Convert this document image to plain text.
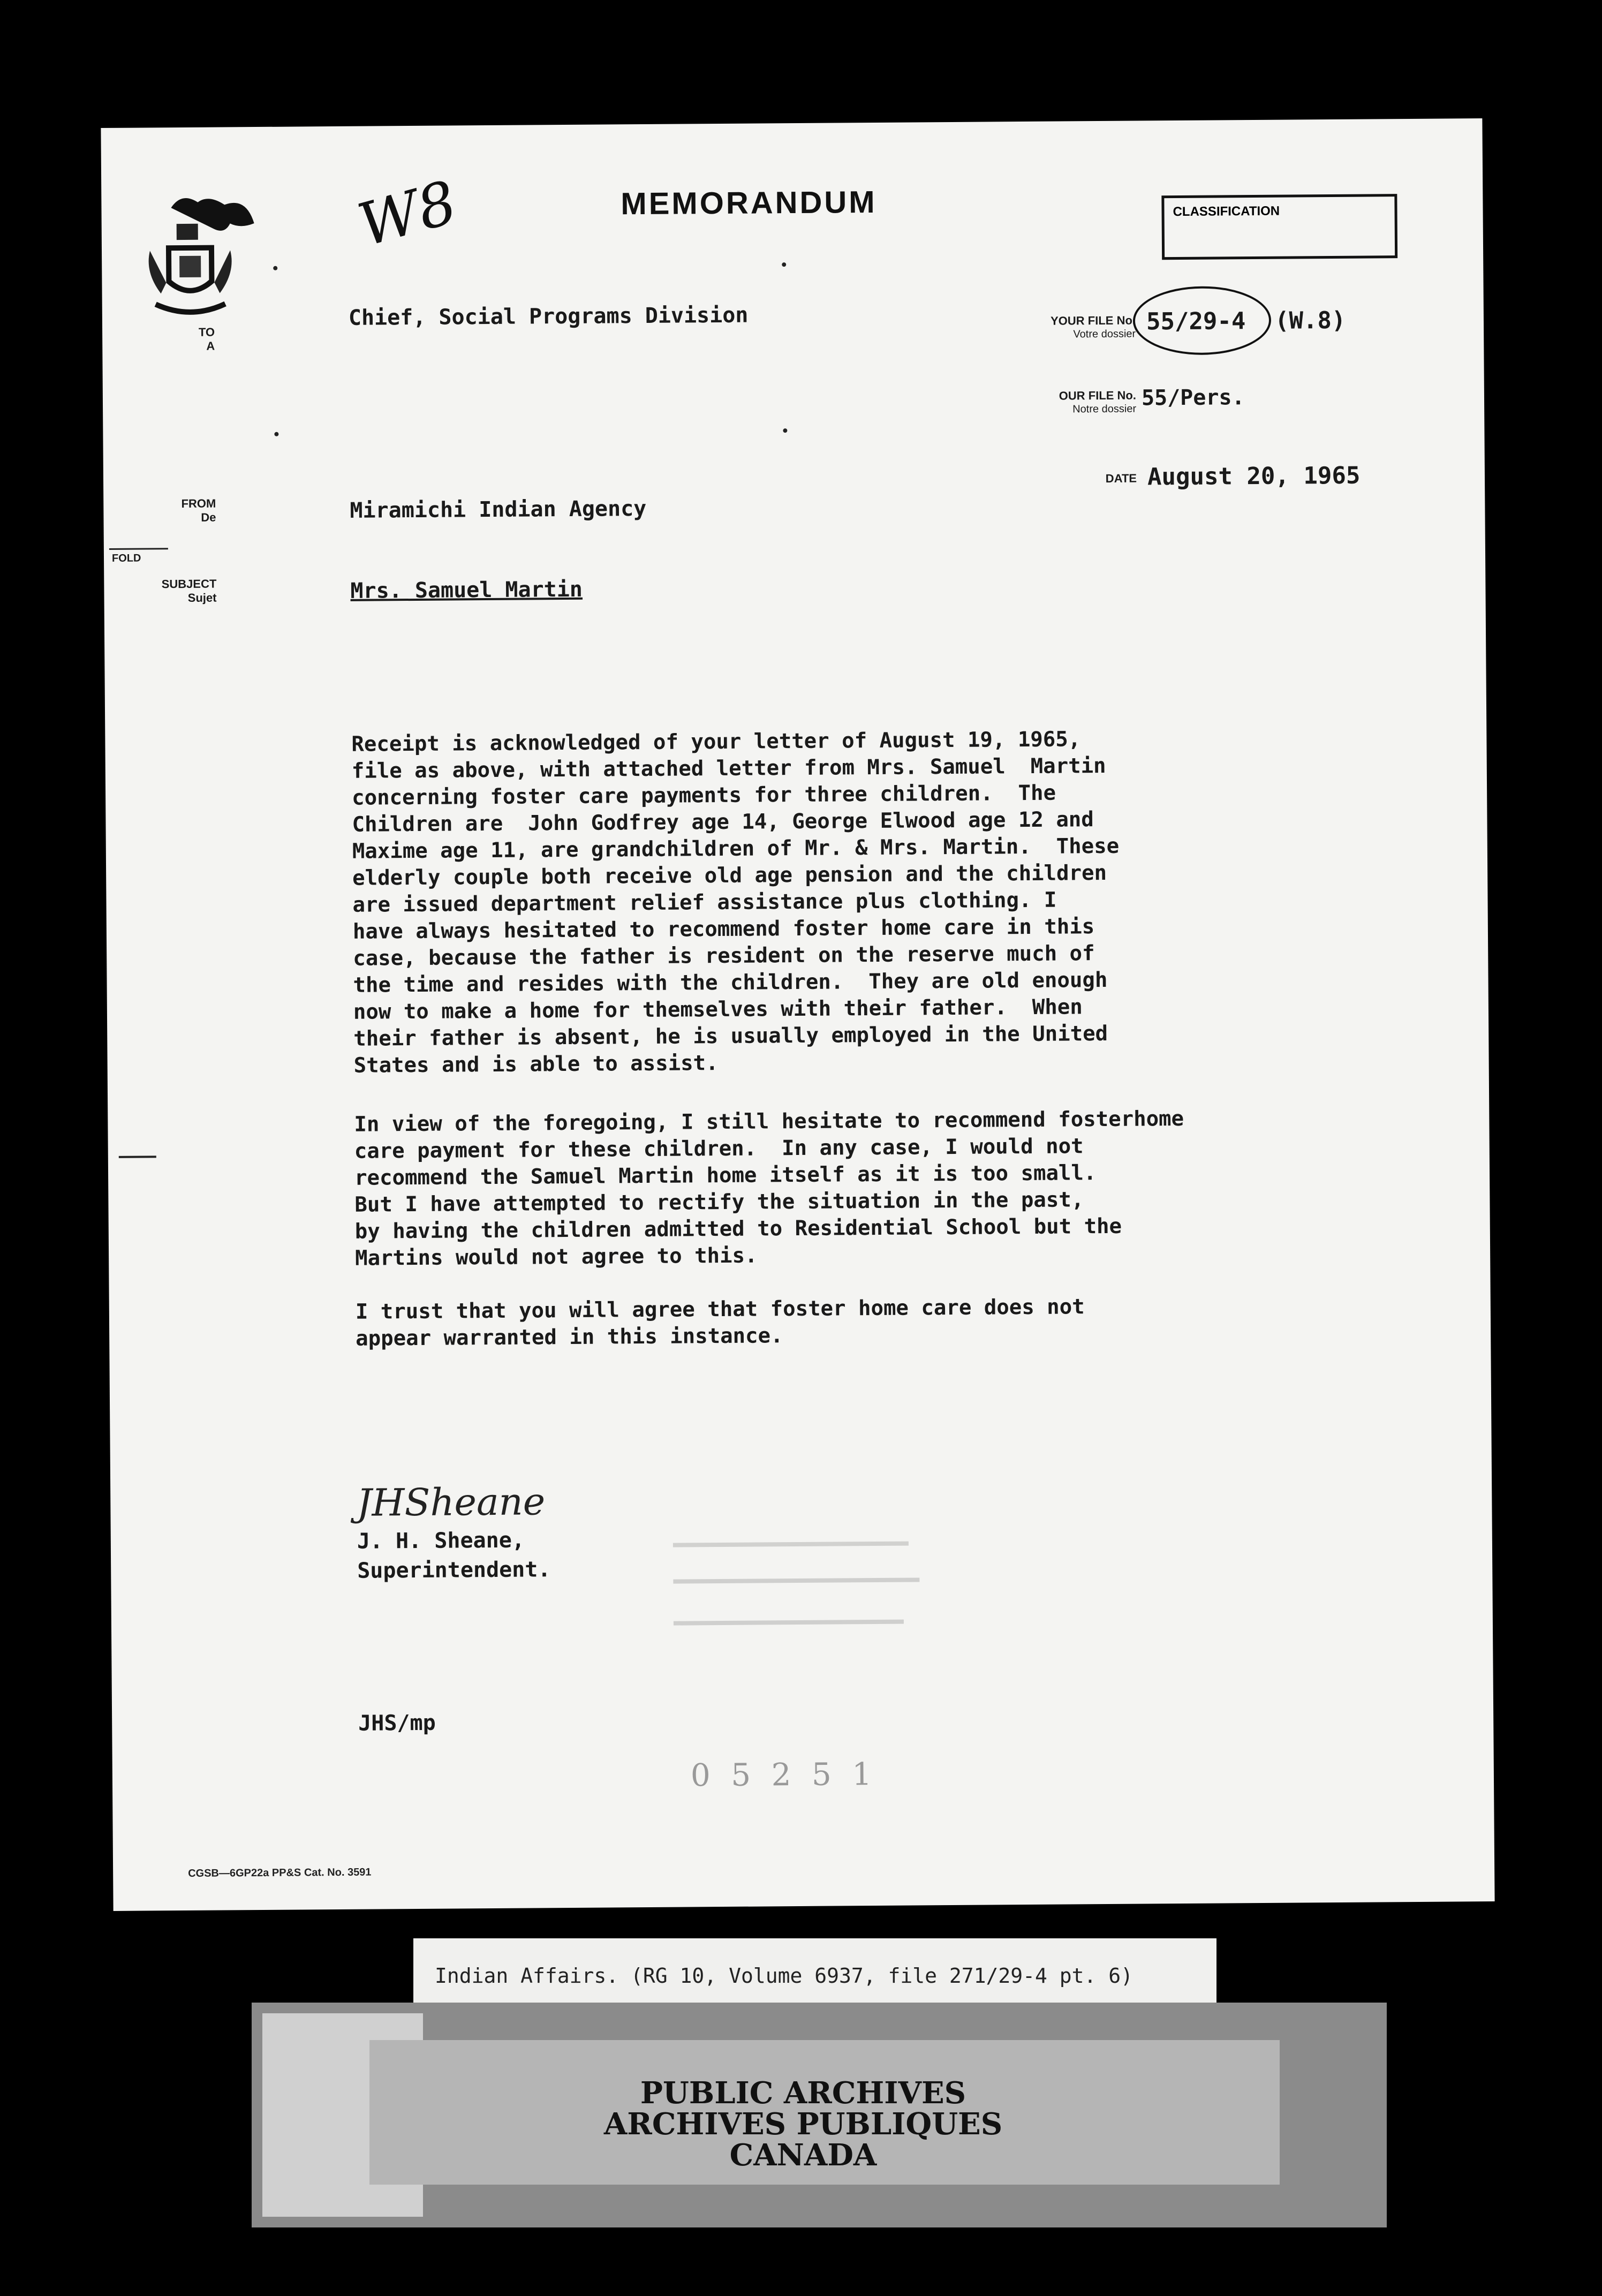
W8	MEMORANDUM	CLASSIFICATION
TO
A
Chief, Social Programs Division	YOUR FILE No.
Votre dossier 55/29-4 (W.8)
OUR FILE No.
Notre dossier 55/Pers.
DATE August 20, 1965
FROM
De	Miramichi Indian Agency
FOLD
SUBJECT
Sujet	Mrs. Samuel Martin
Receipt is acknowledged of your letter of August 19, 1965,
file as above, with attached letter from Mrs. Samuel  Martin
concerning foster care payments for three children.  The
Children are  John Godfrey age 14, George Elwood age 12 and
Maxime age 11, are grandchildren of Mr. & Mrs. Martin.  These
elderly couple both receive old age pension and the children
are issued department relief assistance plus clothing. I
have always hesitated to recommend foster home care in this
case, because the father is resident on the reserve much of
the time and resides with the children.  They are old enough
now to make a home for themselves with their father.  When
their father is absent, he is usually employed in the United
States and is able to assist.
In view of the foregoing, I still hesitate to recommend fosterhome
care payment for these children.  In any case, I would not
recommend the Samuel Martin home itself as it is too small.
But I have attempted to rectify the situation in the past,
by having the children admitted to Residential School but the
Martins would not agree to this.
I trust that you will agree that foster home care does not
appear warranted in this instance.
JHSheane
J. H. Sheane,
Superintendent.
JHS/mp
0 5 2 5 1
CGSB—6GP22a PP&S Cat. No. 3591
Indian Affairs. (RG 10, Volume 6937, file 271/29-4 pt. 6)
PUBLIC ARCHIVES
ARCHIVES PUBLIQUES
CANADA
